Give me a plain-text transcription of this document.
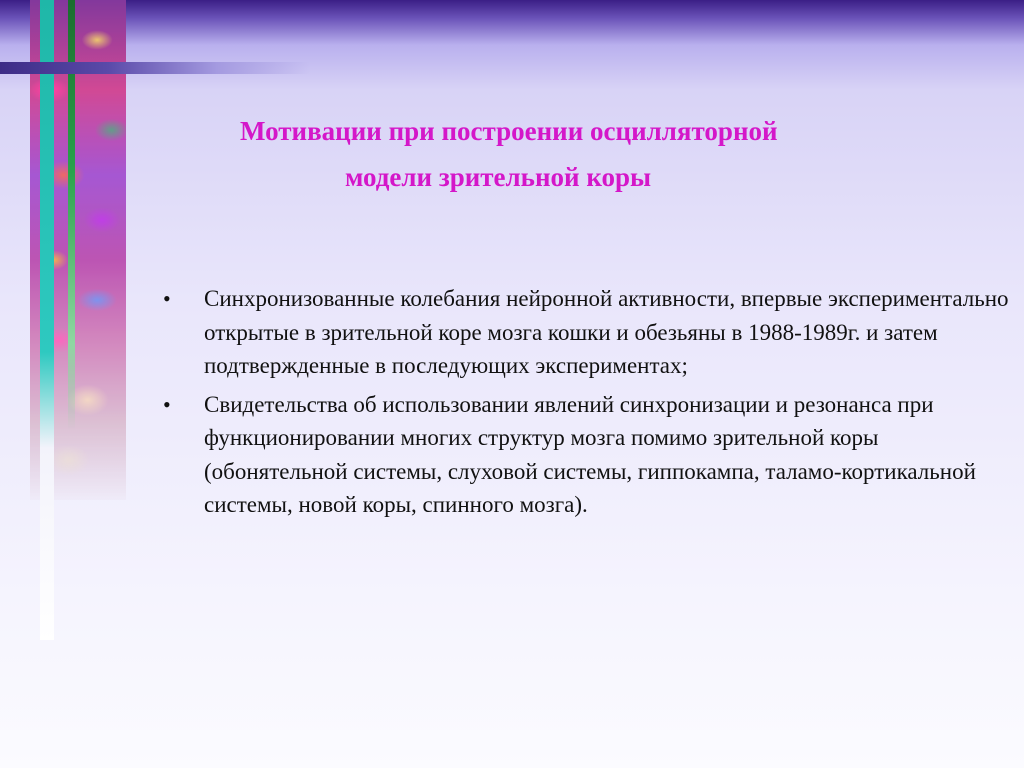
Мотивации при построении осцилляторной
модели зрительной коры
• Синхронизованные колебания нейронной активности, впервые экспериментально открытые в зрительной коре мозга кошки и обезьяны в 1988-1989г. и затем подтвержденные в последующих экспериментах;
• Свидетельства об использовании явлений синхронизации и резонанса при функционировании многих структур мозга помимо зрительной коры (обонятельной системы, слуховой системы, гиппокампа, таламо-кортикальной системы, новой коры, спинного мозга).
